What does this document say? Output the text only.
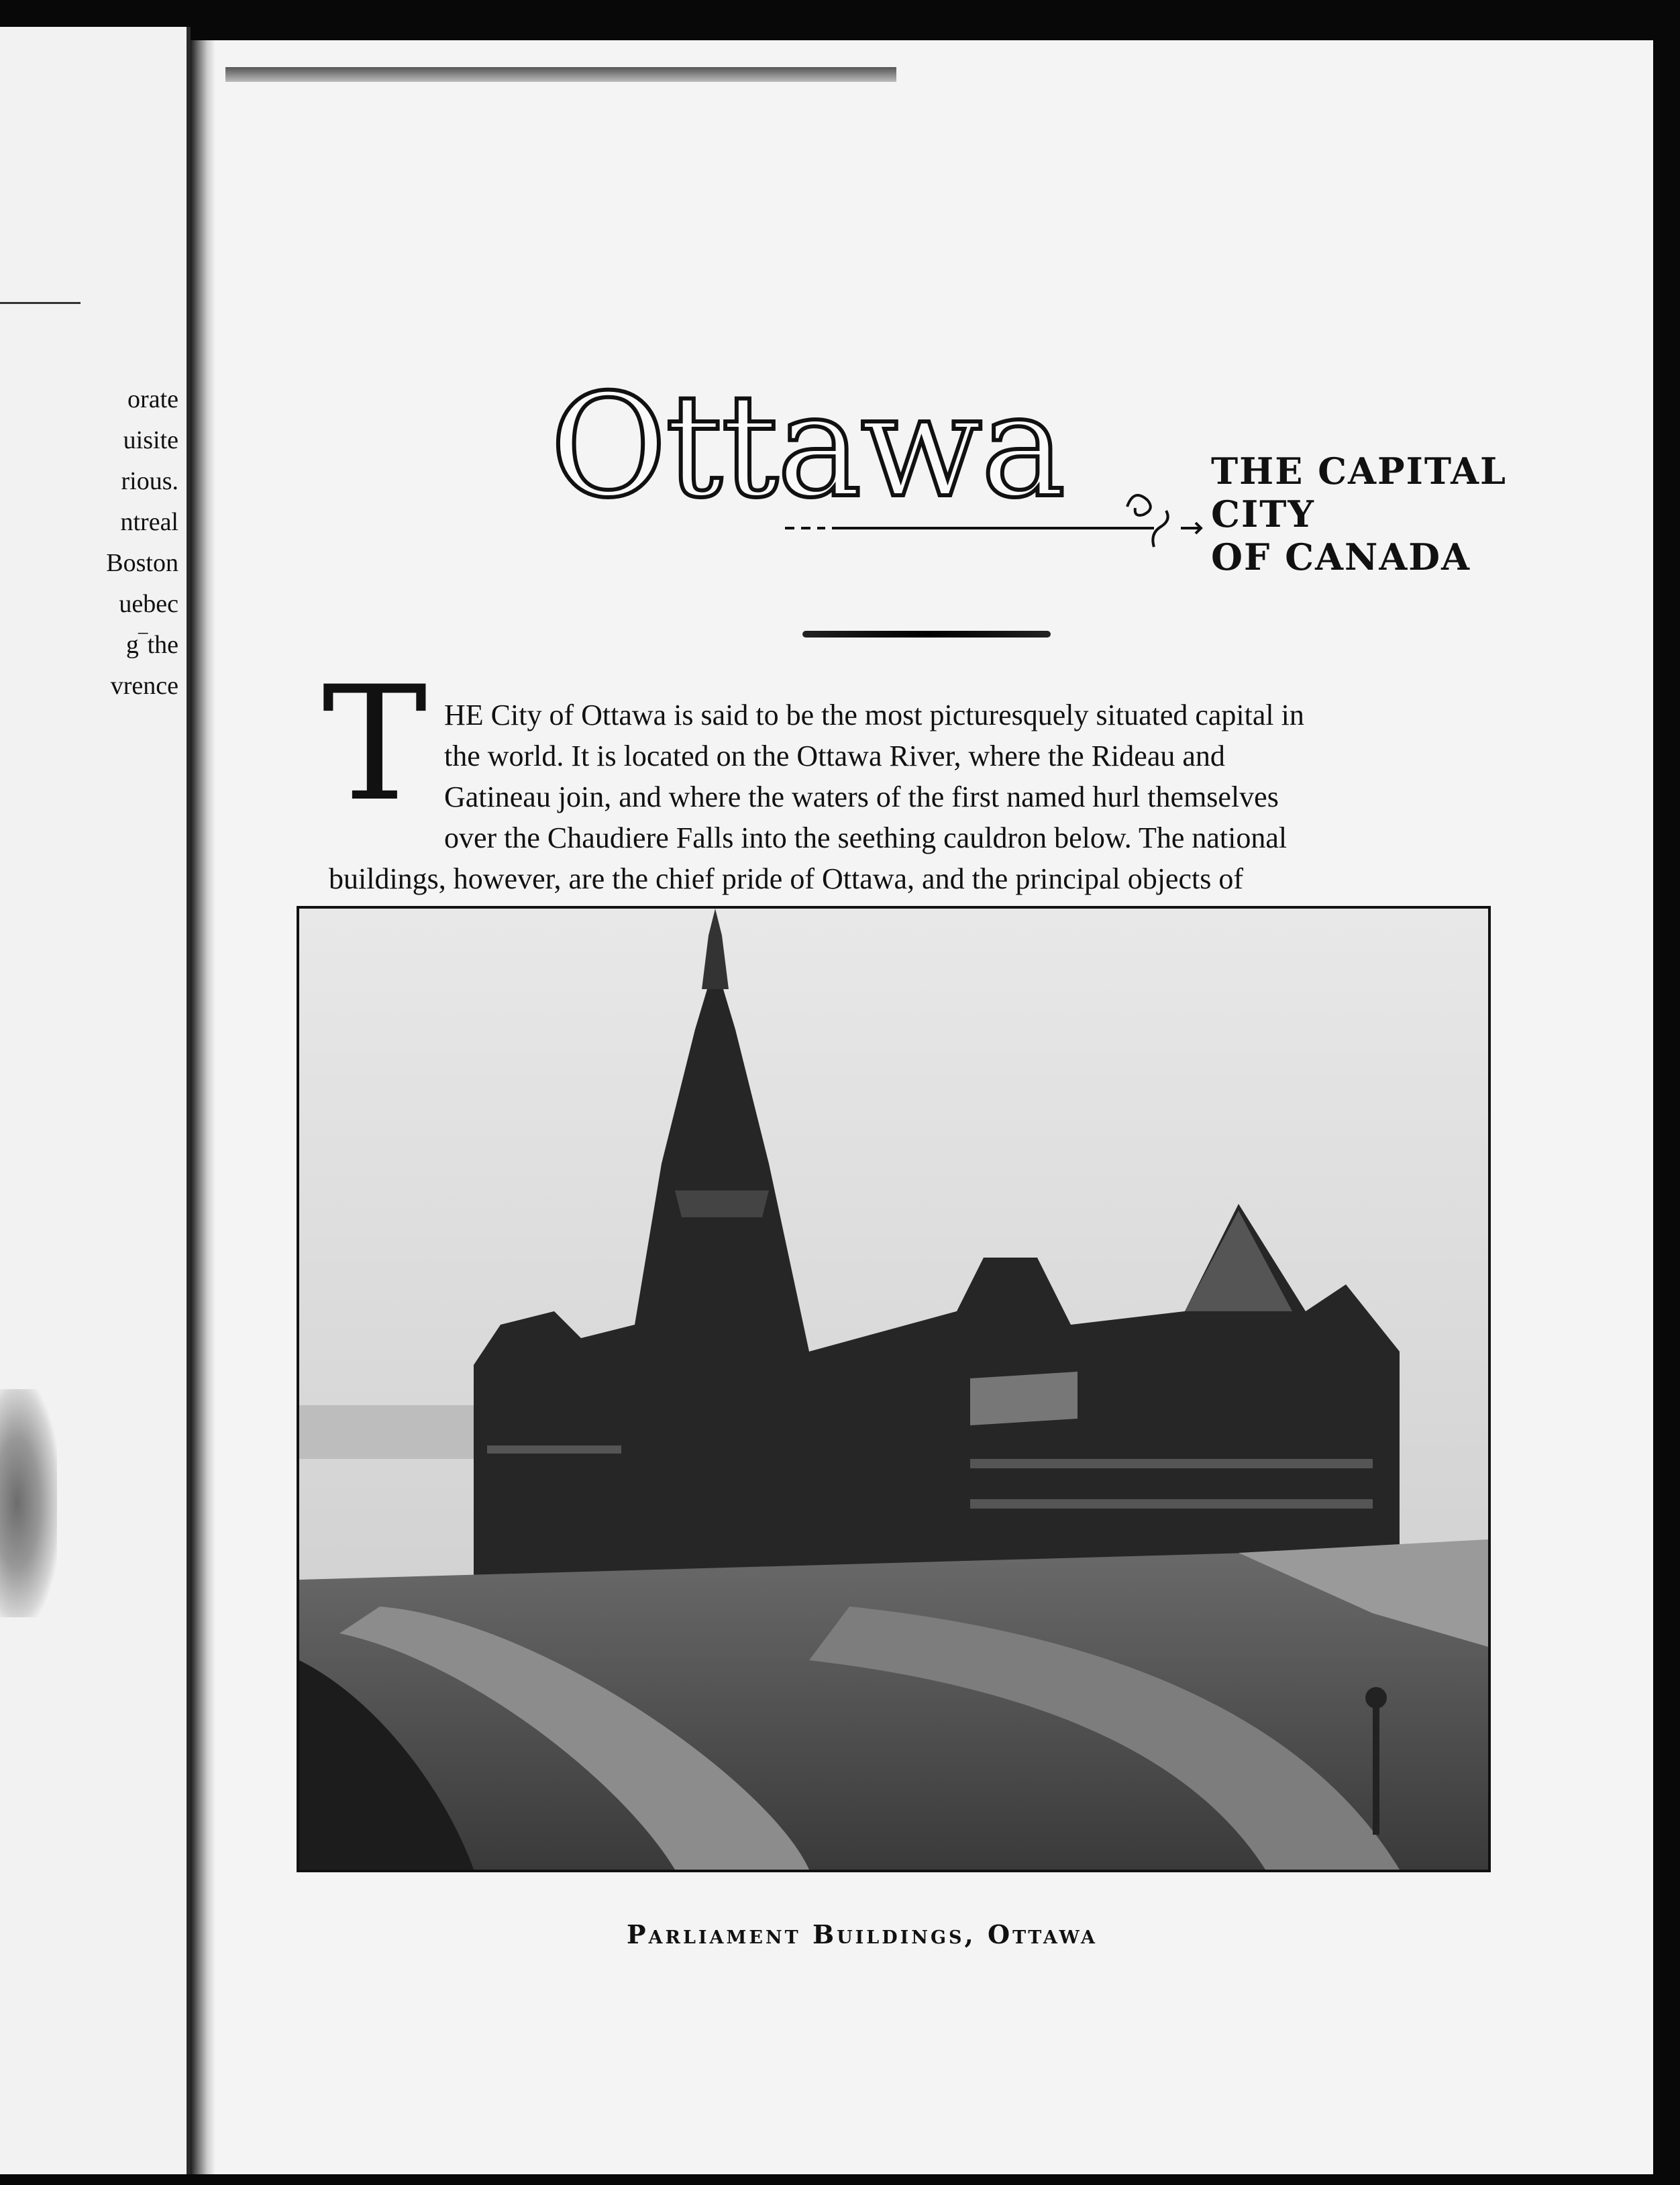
orate
uisite
rious.
ntreal
Boston
uebec
g‾the
vrence
Ottawa	THE CAPITAL CITY
OF CANADA
T HE City of Ottawa is said to be the most picturesquely situated capital in
the world. It is located on the Ottawa River, where the Rideau and
Gatineau join, and where the waters of the first named hurl themselves
over the Chaudiere Falls into the seething cauldron below. The national
buildings, however, are the chief pride of Ottawa, and the principal objects of
Parliament Buildings, Ottawa
